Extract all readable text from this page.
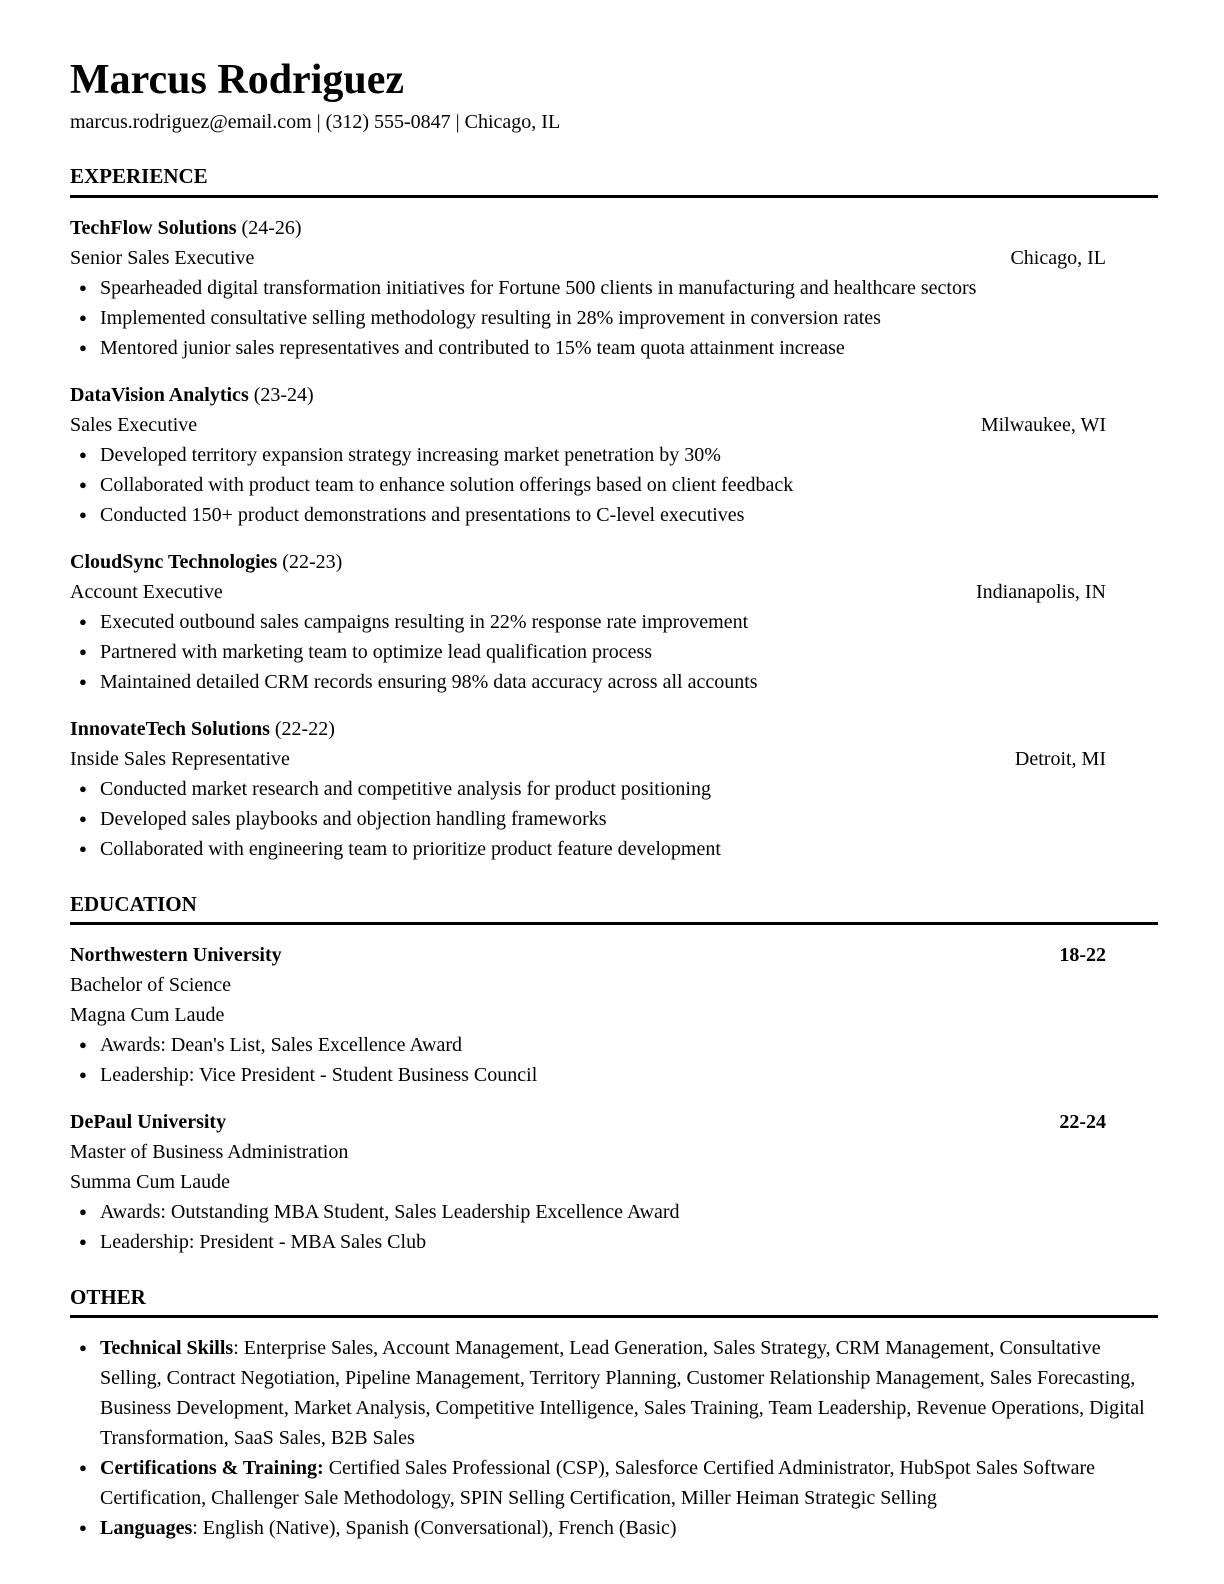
Marcus Rodriguez
marcus.rodriguez@email.com | (312) 555-0847 | Chicago, IL
EXPERIENCE
TechFlow Solutions (24-26)
Senior Sales Executive	Chicago, IL
● Spearheaded digital transformation initiatives for Fortune 500 clients in manufacturing and healthcare sectors
● Implemented consultative selling methodology resulting in 28% improvement in conversion rates
● Mentored junior sales representatives and contributed to 15% team quota attainment increase
DataVision Analytics (23-24)
Sales Executive	Milwaukee, WI
● Developed territory expansion strategy increasing market penetration by 30%
● Collaborated with product team to enhance solution offerings based on client feedback
● Conducted 150+ product demonstrations and presentations to C-level executives
CloudSync Technologies (22-23)
Account Executive	Indianapolis, IN
● Executed outbound sales campaigns resulting in 22% response rate improvement
● Partnered with marketing team to optimize lead qualification process
● Maintained detailed CRM records ensuring 98% data accuracy across all accounts
InnovateTech Solutions (22-22)
Inside Sales Representative	Detroit, MI
● Conducted market research and competitive analysis for product positioning
● Developed sales playbooks and objection handling frameworks
● Collaborated with engineering team to prioritize product feature development
EDUCATION
Northwestern University	18-22
Bachelor of Science
Magna Cum Laude
● Awards: Dean's List, Sales Excellence Award
● Leadership: Vice President - Student Business Council
DePaul University	22-24
Master of Business Administration
Summa Cum Laude
● Awards: Outstanding MBA Student, Sales Leadership Excellence Award
● Leadership: President - MBA Sales Club
OTHER
● Technical Skills: Enterprise Sales, Account Management, Lead Generation, Sales Strategy, CRM Management, Consultative Selling, Contract Negotiation, Pipeline Management, Territory Planning, Customer Relationship Management, Sales Forecasting, Business Development, Market Analysis, Competitive Intelligence, Sales Training, Team Leadership, Revenue Operations, Digital Transformation, SaaS Sales, B2B Sales
● Certifications & Training: Certified Sales Professional (CSP), Salesforce Certified Administrator, HubSpot Sales Software Certification, Challenger Sale Methodology, SPIN Selling Certification, Miller Heiman Strategic Selling
● Languages: English (Native), Spanish (Conversational), French (Basic)
